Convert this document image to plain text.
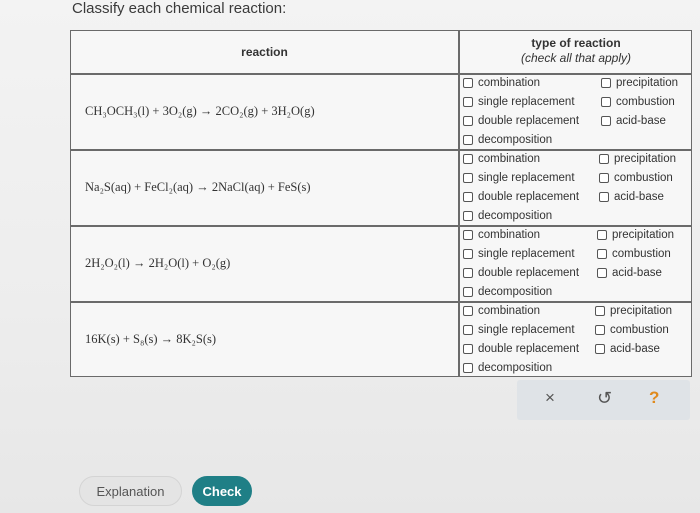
Classify each chemical reaction:
reaction
type of reaction
(check all that apply)
CH₃OCH₃(l) + 3O₂(g) → 2CO₂(g) + 3H₂O(g)
combination
single replacement
double replacement
decomposition
precipitation
combustion
acid-base
Na₂S(aq) + FeCl₂(aq) → 2NaCl(aq) + FeS(s)
combination
single replacement
double replacement
decomposition
precipitation
combustion
acid-base
2H₂O₂(l) → 2H₂O(l) + O₂(g)
combination
single replacement
double replacement
decomposition
precipitation
combustion
acid-base
16K(s) + S₈(s) → 8K₂S(s)
combination
single replacement
double replacement
decomposition
precipitation
combustion
acid-base
× ↺ ?
Explanation	Check
